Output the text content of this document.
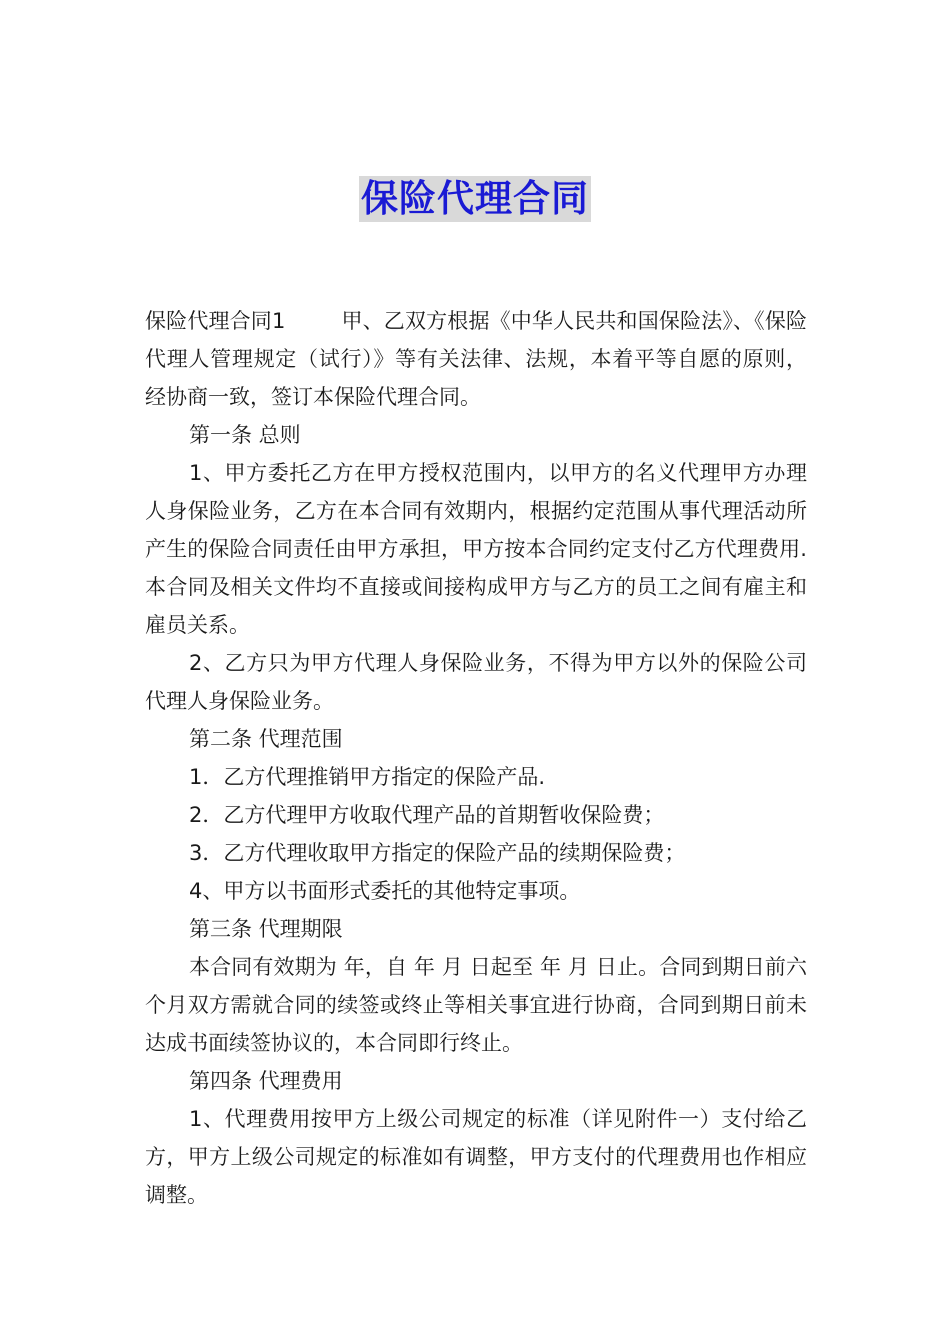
保险代理合同

保险代理合同1	甲、乙双方根据《中华人民共和国保险法》、《保险代理人管理规定（试行）》等有关法律、法规，本着平等自愿的原则， 经协商一致，签订本保险代理合同。

第一条 总则

1、甲方委托乙方在甲方授权范围内，以甲方的名义代理甲方办理人身保险业务，乙方在本合同有效期内，根据约定范围从事代理活动所产生的保险合同责任由甲方承担，甲方按本合同约定支付乙方代理费用.本合同及相关文件均不直接或间接构成甲方与乙方的员工之间有雇主和雇员关系。

2、乙方只为甲方代理人身保险业务，不得为甲方以外的保险公司代理人身保险业务。

第二条 代理范围

1．乙方代理推销甲方指定的保险产品.

2．乙方代理甲方收取代理产品的首期暂收保险费；

3．乙方代理收取甲方指定的保险产品的续期保险费；

4、甲方以书面形式委托的其他特定事项。

第三条 代理期限

本合同有效期为 年，自 年 月 日起至 年 月 日止。合同到期日前六个月双方需就合同的续签或终止等相关事宜进行协商，合同到期日前未达成书面续签协议的，本合同即行终止。

第四条 代理费用

1、代理费用按甲方上级公司规定的标准（详见附件一）支付给乙方，甲方上级公司规定的标准如有调整，甲方支付的代理费用也作相应调整。
